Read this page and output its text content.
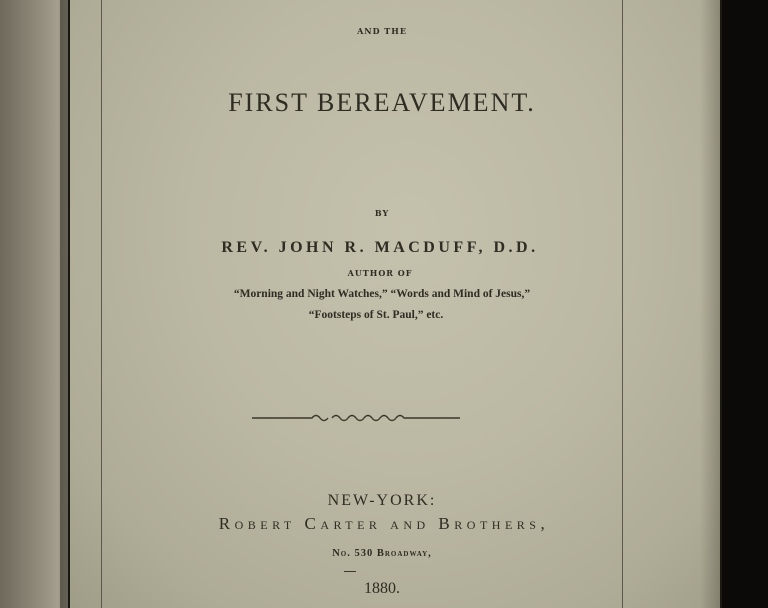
AND THE
FIRST BEREAVEMENT.
BY
REV. JOHN R. MACDUFF, D.D.
AUTHOR OF
“Morning and Night Watches,” “Words and Mind of Jesus,”
“Footsteps of St. Paul,” etc.
NEW-YORK:
Robert Carter and Brothers,
No. 530 Broadway,
1880.
